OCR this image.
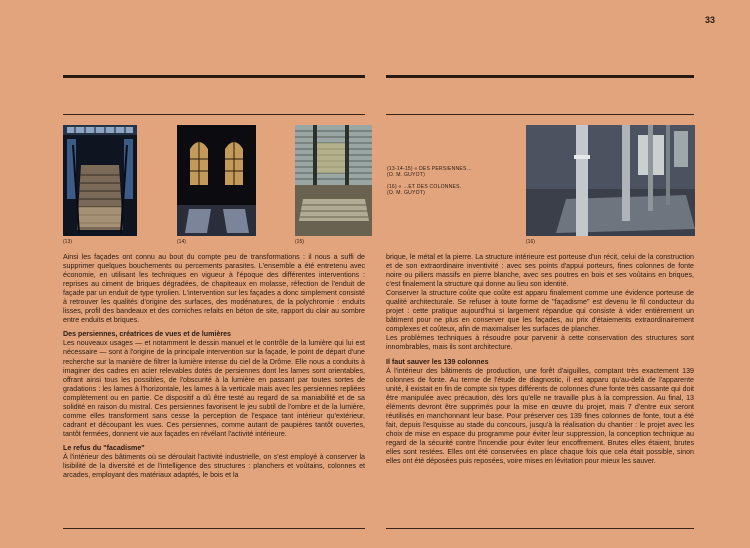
33
(13)	(14)	(15)	(16)

(13-14-15) « DES PERSIENNES…
(O. M. GUYOT)

(16) « …ET DES COLONNES.
(O. M. GUYOT)

Ainsi les façades ont connu au bout du compte peu de transformations : il nous a suffi de supprimer quelques bouchements ou percements parasites. L'ensemble a été entretenu avec économie, en utilisant les techniques en vigueur à l'époque des différentes interventions : reprises au ciment de briques dégradées, de chapiteaux en molasse, réfection de l'enduit de façade par un enduit de type tyrolien. L'intervention sur les façades a donc simplement consisté à retrouver les qualités d'origine des surfaces, des modénatures, de la polychromie : enduits lisses, profil des bandeaux et des corniches refaits en béton de site, rapport du clair au sombre entre enduits et briques.

Des persiennes, créatrices de vues et de lumières

Les nouveaux usages — et notamment le dessin manuel et le contrôle de la lumière qui lui est nécessaire — sont à l'origine de la principale intervention sur la façade, le point de départ d'une recherche sur la manière de filtrer la lumière intense du ciel de la Drôme. Elle nous a conduits à imaginer des cadres en acier relevables dotés de persiennes dont les lames sont orientables, offrant ainsi tous les possibles, de l'obscurité à la lumière en passant par toutes sortes de gradations : les lames à l'horizontale, les lames à la verticale mais avec les persiennes repliées complètement ou en partie. Ce dispositif a dû être testé au regard de sa maniabilité et de sa solidité en raison du mistral. Ces persiennes favorisent le jeu subtil de l'ombre et de la lumière, comme elles transforment sans cesse la perception de l'espace tant intérieur qu'extérieur, cadrant et découpant les vues. Ces persiennes, comme autant de paupières tantôt ouvertes, tantôt fermées, donnent vie aux façades en révélant l'activité intérieure.

Le refus du "facadisme"

À l'intérieur des bâtiments où se déroulait l'activité industrielle, on s'est employé à conserver la lisibilité de la diversité et de l'intelligence des structures : planchers et voûtains, colonnes et arcades, employant des matériaux adaptés, le bois et la

brique, le métal et la pierre. La structure intérieure est porteuse d'un récit, celui de la construction et de son extraordinaire inventivité : avec ses points d'appui porteurs, fines colonnes de fonte noire ou piliers massifs en pierre blanche, avec ses poutres en bois et ses voûtains en briques, c'est finalement la structure qui donne au lieu son identité.

Conserver la structure coûte que coûte est apparu finalement comme une évidence porteuse de qualité architecturale. Se refuser à toute forme de "façadisme" est devenu le fil conducteur du projet : cette pratique aujourd'hui si largement répandue qui consiste à vider entièrement un bâtiment pour ne plus en conserver que les façades, au prix d'étaiements extraordinairement complexes et coûteux, afin de maximaliser les surfaces de plancher.

Les problèmes techniques à résoudre pour parvenir à cette conservation des structures sont innombrables, mais ils sont architecture.

Il faut sauver les 139 colonnes

À l'intérieur des bâtiments de production, une forêt d'aiguilles, comptant très exactement 139 colonnes de fonte. Au terme de l'étude de diagnostic, il est apparu qu'au-delà de l'apparente unité, il existait en fin de compte six types différents de colonnes d'une fonte très cassante qui doit être manipulée avec précaution, dès lors qu'elle ne travaille plus à la compression. Au final, 13 éléments devront être supprimés pour la mise en œuvre du projet, mais 7 d'entre eux seront réutilisés en manchonnant leur base. Pour préserver ces 139 fines colonnes de fonte, tout a été fait, depuis l'esquisse au stade du concours, jusqu'à la réalisation du chantier : le projet avec les choix de mise en espace du programme pour éviter leur suppression, la conception technique au regard de la sécurité contre l'incendie pour éviter leur encoffrement. Brutes elles étaient, brutes elles sont restées. Elles ont été conservées en place chaque fois que cela était possible, sinon elles ont été déposées puis reposées, voire mises en lévitation pour mieux les sauver.
